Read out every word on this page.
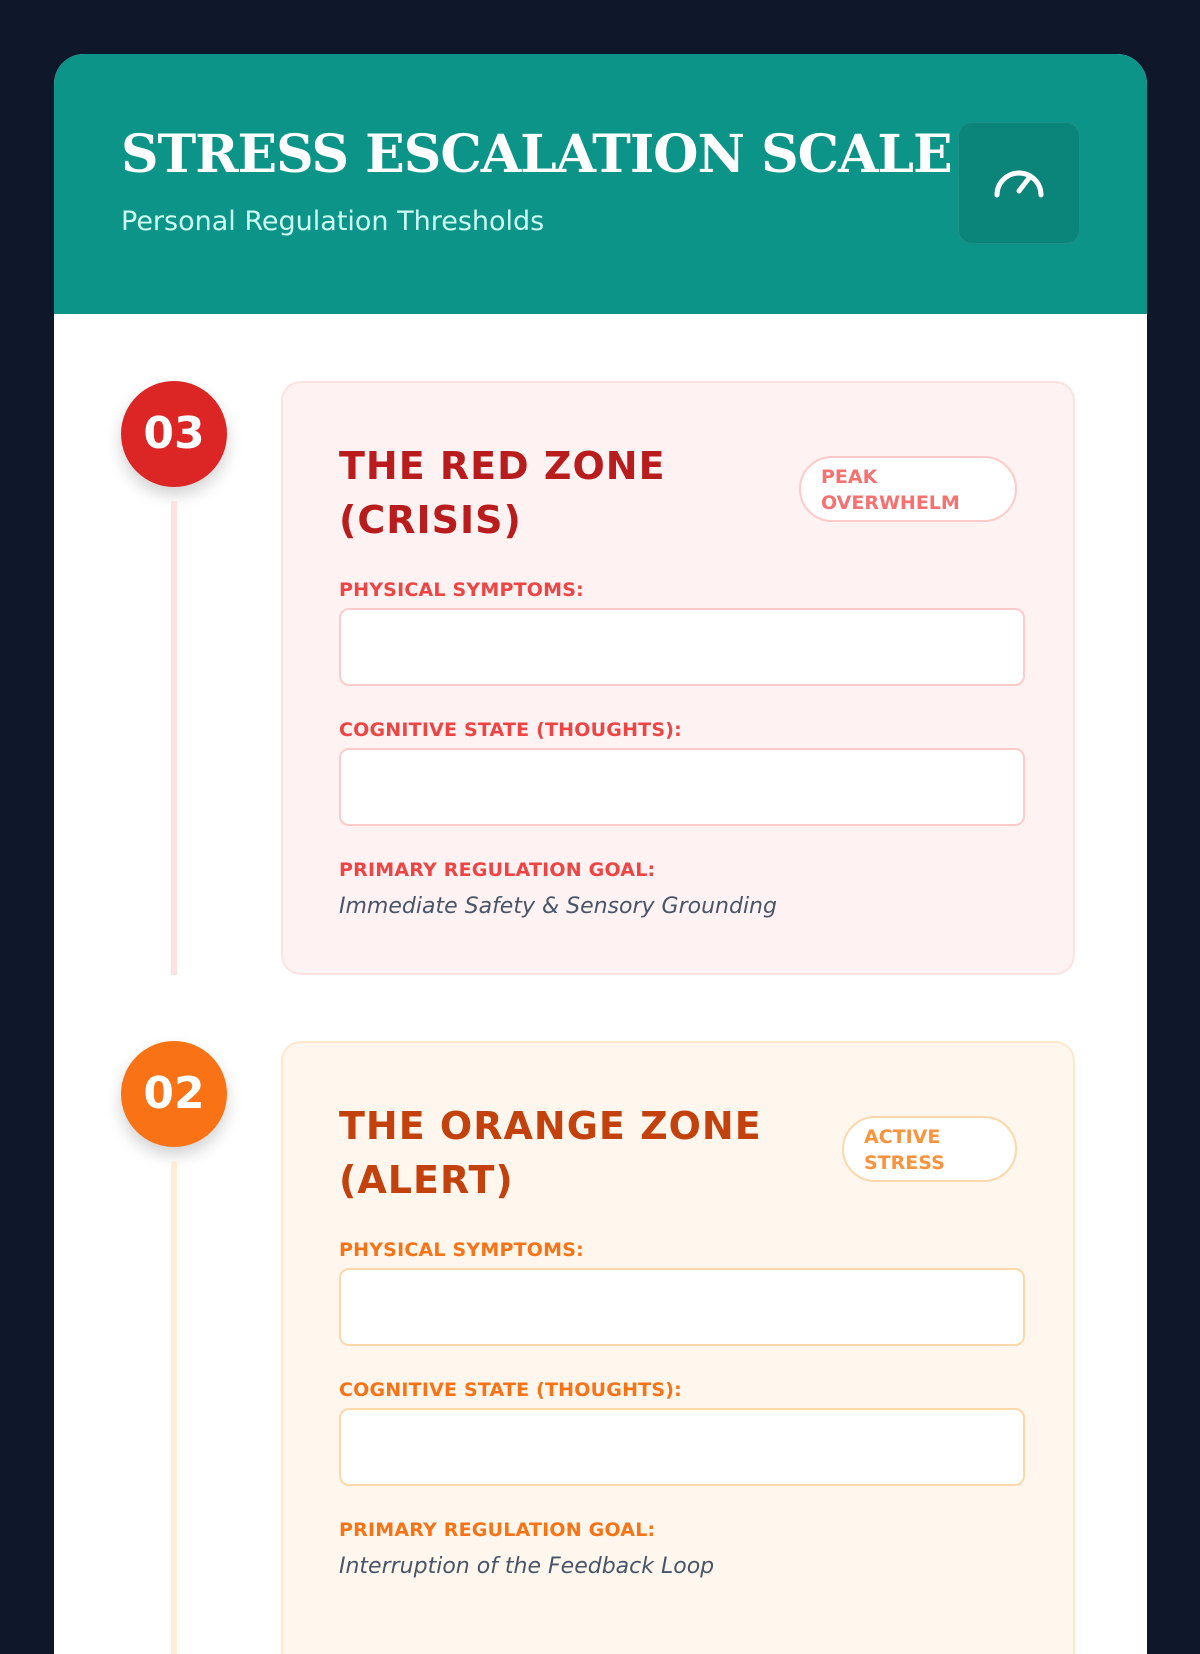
STRESS ESCALATION SCALE
Personal Regulation Thresholds
03
THE RED ZONE (CRISIS)
PEAK OVERWHELM
PHYSICAL SYMPTOMS:
COGNITIVE STATE (THOUGHTS):
PRIMARY REGULATION GOAL:
Immediate Safety & Sensory Grounding
02
THE ORANGE ZONE (ALERT)
ACTIVE STRESS
PHYSICAL SYMPTOMS:
COGNITIVE STATE (THOUGHTS):
PRIMARY REGULATION GOAL:
Interruption of the Feedback Loop
